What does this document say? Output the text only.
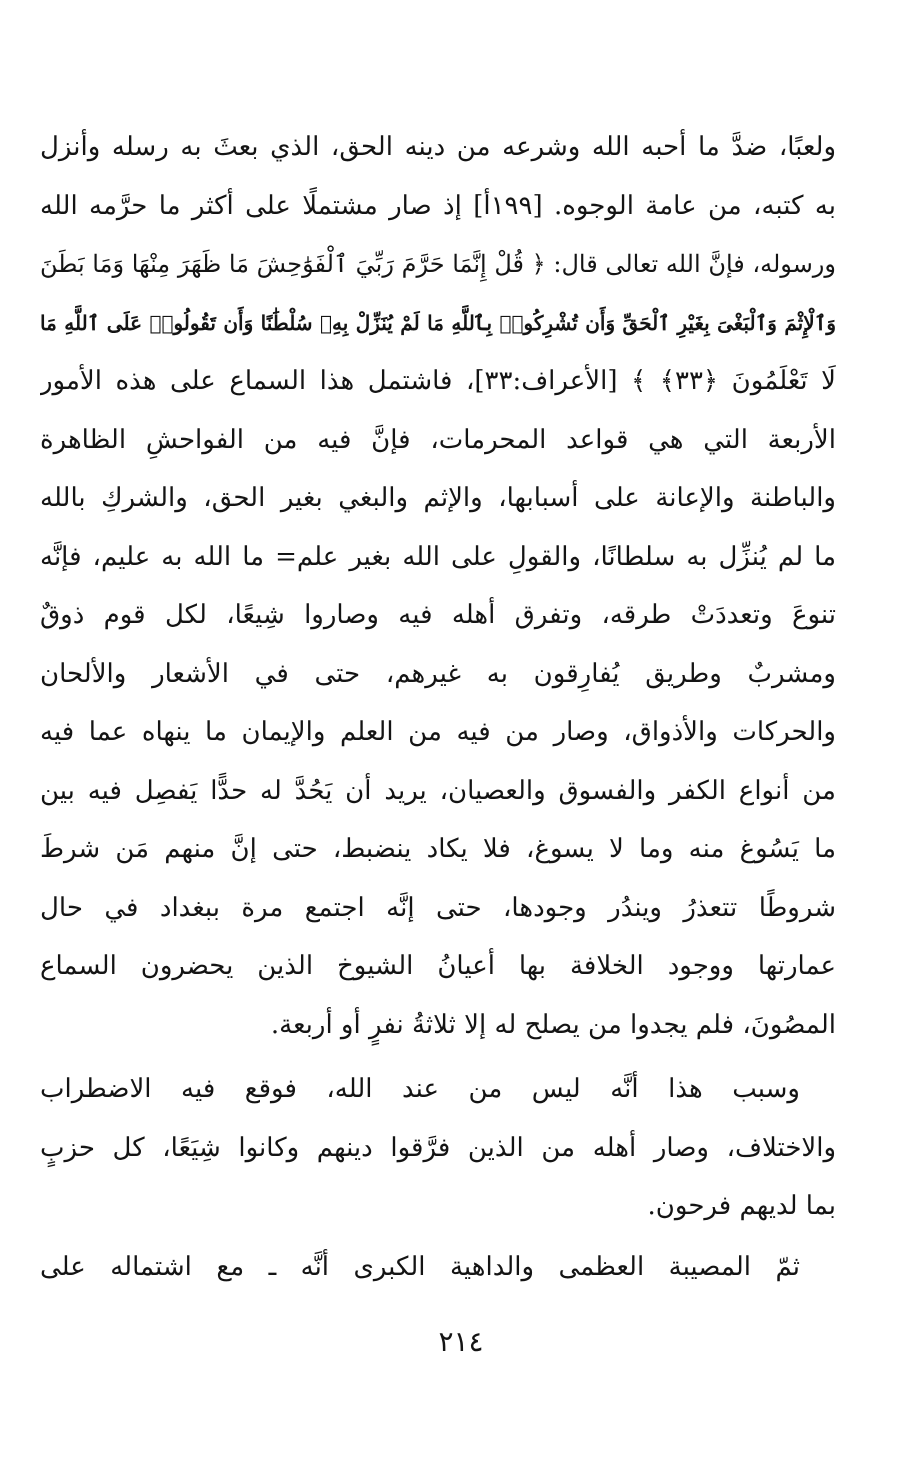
ولعبًا، ضدَّ ما أحبه الله وشرعه من دينه الحق، الذي بعثَ به رسله وأنزل
به كتبه، من عامة الوجوه. [١٩٩أ] إذ صار مشتملًا على أكثر ما حرَّمه الله
ورسوله، فإنَّ الله تعالى قال: ﴿ قُلْ إِنَّمَا حَرَّمَ رَبِّيَ ٱلْفَوَٰحِشَ مَا ظَهَرَ مِنْهَا وَمَا بَطَنَ
وَٱلْإِثْمَ وَٱلْبَغْىَ بِغَيْرِ ٱلْحَقِّ وَأَن تُشْرِكُوا۟ بِٱللَّهِ مَا لَمْ يُنَزِّلْ بِهِۦ سُلْطَٰنًا وَأَن تَقُولُوا۟ عَلَى ٱللَّهِ مَا
لَا تَعْلَمُونَ ﴿٣٣﴾ ﴾ [الأعراف:٣٣]، فاشتمل هذا السماع على هذه الأمور
الأربعة التي هي قواعد المحرمات، فإنَّ فيه من الفواحشِ الظاهرة
والباطنة والإعانة على أسبابها، والإثم والبغي بغير الحق، والشركِ بالله
ما لم يُنزِّل به سلطانًا، والقولِ على الله بغير علم= ما الله به عليم، فإنَّه
تنوعَ وتعددَتْ طرقه، وتفرق أهله فيه وصاروا شِيعًا، لكل قوم ذوقٌ
ومشربٌ وطريق يُفارِقون به غيرهم، حتى في الأشعار والألحان
والحركات والأذواق، وصار من فيه من العلم والإيمان ما ينهاه عما فيه
من أنواع الكفر والفسوق والعصيان، يريد أن يَحُدَّ له حدًّا يَفصِل فيه بين
ما يَسُوغ منه وما لا يسوغ، فلا يكاد ينضبط، حتى إنَّ منهم مَن شرطَ
شروطًا تتعذرُ ويندُر وجودها، حتى إنَّه اجتمع مرة ببغداد في حال
عمارتها ووجود الخلافة بها أعيانُ الشيوخ الذين يحضرون السماع
المصُونَ، فلم يجدوا من يصلح له إلا ثلاثةُ نفرٍ أو أربعة.
وسبب هذا أنَّه ليس من عند الله، فوقع فيه الاضطراب
والاختلاف، وصار أهله من الذين فرَّقوا دينهم وكانوا شِيَعًا، كل حزبٍ
بما لديهم فرحون.
ثمّ المصيبة العظمى والداهية الكبرى أنَّه ـ مع اشتماله على
٢١٤
